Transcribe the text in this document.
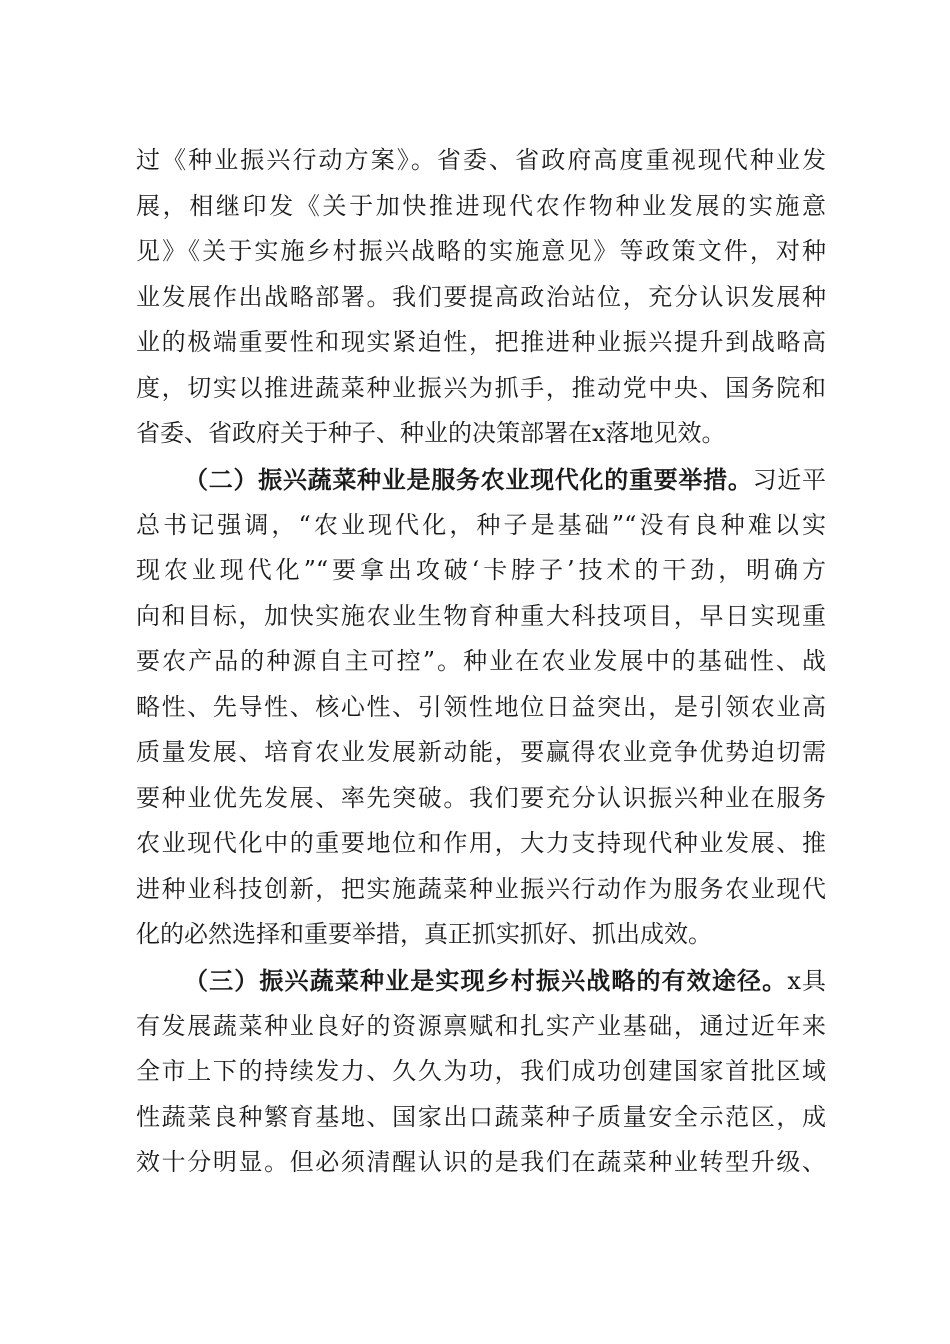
过《种业振兴行动方案》。省委、省政府高度重视现代种业发
展，相继印发《关于加快推进现代农作物种业发展的实施意
见》《关于实施乡村振兴战略的实施意见》等政策文件，对种
业发展作出战略部署。我们要提高政治站位，充分认识发展种
业的极端重要性和现实紧迫性，把推进种业振兴提升到战略高
度，切实以推进蔬菜种业振兴为抓手，推动党中央、国务院和
省委、省政府关于种子、种业的决策部署在x落地见效。
（二）振兴蔬菜种业是服务农业现代化的重要举措。习近平
总书记强调，“农业现代化，种子是基础”“没有良种难以实
现农业现代化”“要拿出攻破‘卡脖子’技术的干劲，明确方
向和目标，加快实施农业生物育种重大科技项目，早日实现重
要农产品的种源自主可控”。种业在农业发展中的基础性、战
略性、先导性、核心性、引领性地位日益突出，是引领农业高
质量发展、培育农业发展新动能，要赢得农业竞争优势迫切需
要种业优先发展、率先突破。我们要充分认识振兴种业在服务
农业现代化中的重要地位和作用，大力支持现代种业发展、推
进种业科技创新，把实施蔬菜种业振兴行动作为服务农业现代
化的必然选择和重要举措，真正抓实抓好、抓出成效。
（三）振兴蔬菜种业是实现乡村振兴战略的有效途径。x具
有发展蔬菜种业良好的资源禀赋和扎实产业基础，通过近年来
全市上下的持续发力、久久为功，我们成功创建国家首批区域
性蔬菜良种繁育基地、国家出口蔬菜种子质量安全示范区，成
效十分明显。但必须清醒认识的是我们在蔬菜种业转型升级、
